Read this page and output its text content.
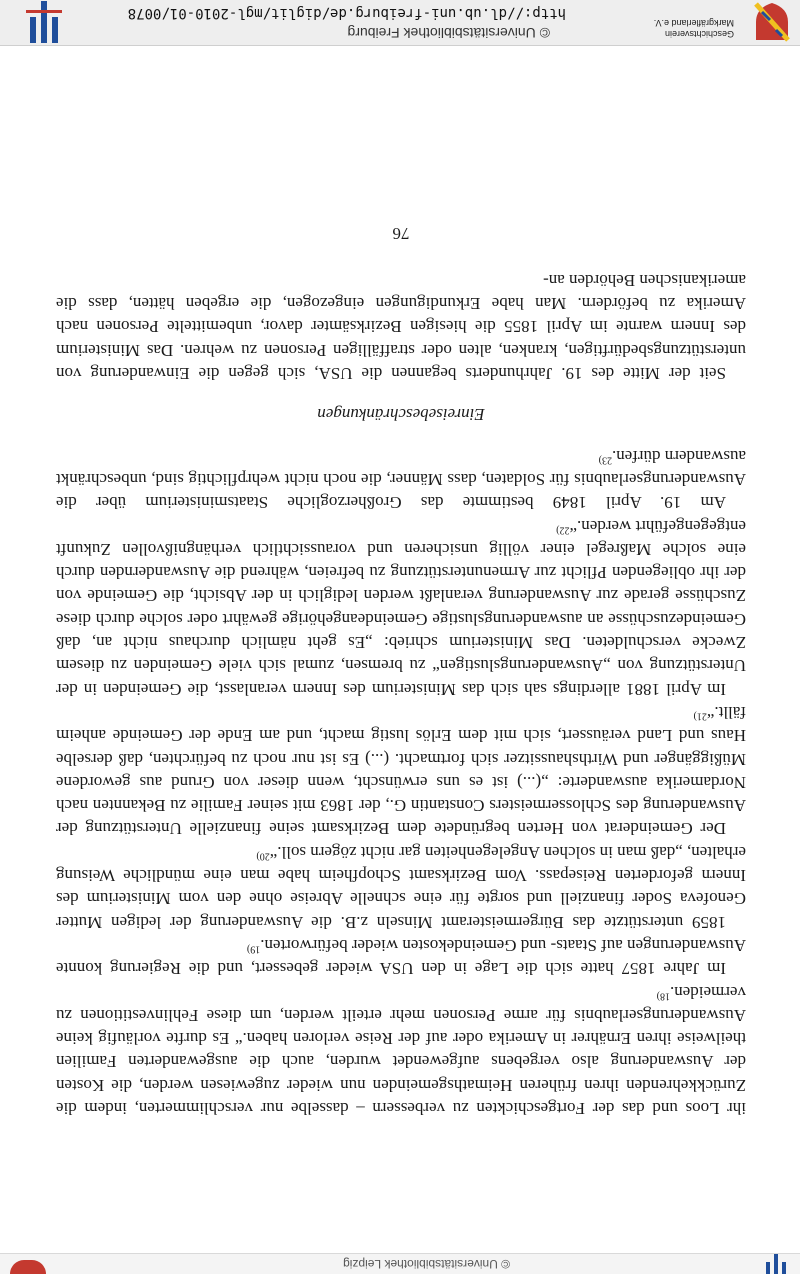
© Universitätsbibliothek Leipzig

ihr Loos und das der Fortgeschickten zu verbessern – dasselbe nur verschlimmerten, indem die Zurückkehrenden ihren früheren Heimathsgemeinden nun wieder zugewiesen werden, die Kosten der Auswanderung also vergebens aufgewendet wurden, auch die ausgewanderten Familien theilweise ihren Ernährer in Amerika oder auf der Reise verloren haben.“ Es durfte vorläufig keine Auswanderungserlaubnis für arme Personen mehr erteilt werden, um diese Fehlinvestitionen zu vermeiden.$^{18)}$

Im Jahre 1857 hatte sich die Lage in den USA wieder gebessert, und die Regierung konnte Auswanderungen auf Staats- und Gemeindekosten wieder befürworten.$^{19)}$

1859 unterstützte das Bürgermeisteramt Minseln z.B. die Auswanderung der ledigen Mutter Genofeva Soder finanziell und sorgte für eine schnelle Abreise ohne den vom Ministerium des Innern geforderten Reisepass. Vom Bezirksamt Schopfheim habe man eine mündliche Weisung erhalten, „daß man in solchen Angelegenheiten gar nicht zögern soll.“$^{20)}$

Der Gemeinderat von Herten begründete dem Bezirksamt seine finanzielle Unterstützung der Auswanderung des Schlossermeisters Constantin G., der 1863 mit seiner Familie zu Bekannten nach Nordamerika auswanderte: „(...) ist es uns erwünscht, wenn dieser von Grund aus gewordene Müßiggänger und Wirthshaussitzer sich fortmacht. (...) Es ist nur noch zu befürchten, daß derselbe Haus und Land veräussert, sich mit dem Erlös lustig macht, und am Ende der Gemeinde anheim fällt.“$^{21)}$

Im April 1881 allerdings sah sich das Ministerium des Innern veranlasst, die Gemeinden in der Unterstützung von „Auswanderungslustigen“ zu bremsen, zumal sich viele Gemeinden zu diesem Zwecke verschuldeten. Das Ministerium schrieb: „Es geht nämlich durchaus nicht an, daß Gemeindezuschüsse an auswanderungslustige Gemeindeangehörige gewährt oder solche durch diese Zuschüsse gerade zur Auswanderung veranlaßt werden lediglich in der Absicht, die Gemeinde von der ihr obliegenden Pflicht zur Armenunterstützung zu befreien, während die Auswandernden durch eine solche Maßregel einer völlig unsicheren und voraussichtlich verhängnißvollen Zukunft entgegengeführt werden.“$^{22)}$

Am 19. April 1849 bestimmte das Großherzogliche Staatsministerium über die Auswanderungserlaubnis für Soldaten, dass Männer, die noch nicht wehrpflichtig sind, unbeschränkt auswandern dürfen.$^{23)}$

Einreisebeschränkungen

Seit der Mitte des 19. Jahrhunderts begannen die USA, sich gegen die Einwanderung von unterstützungsbedürftigen, kranken, alten oder straffälligen Personen zu wehren. Das Ministerium des Innern warnte im April 1855 die hiesigen Bezirksämter davor, unbemittelte Personen nach Amerika zu befördern. Man habe Erkundigungen eingezogen, die ergeben hätten, dass die amerikanischen Behörden an-

76

Geschichtsverein
Markgräflerland e.V.
© Universitätsbibliothek Freiburg
http://dl.ub.uni-freiburg.de/diglit/mgl-2010-01/0078
